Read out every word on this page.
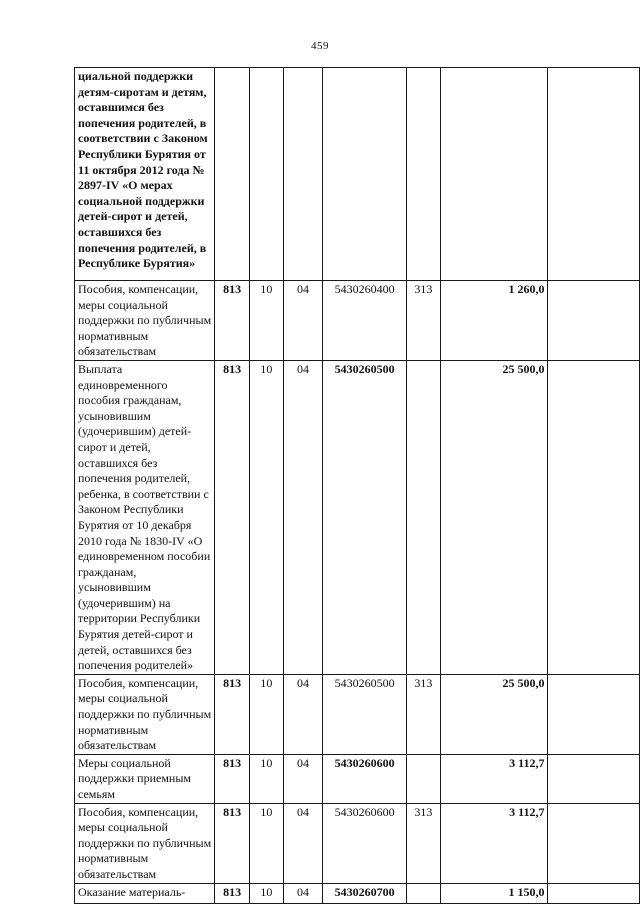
459
циальной поддержки детям-сиротам и детям, оставшимся без попечения родителей, в соответствии с Законом Республики Бурятия от 11 октября 2012 года № 2897-IV «О мерах социальной поддержки детей-сирот и детей, оставшихся без попечения родителей, в Республике Бурятия»							
Пособия, компенсации, меры социальной поддержки по публичным нормативным обязательствам	813	10	04	5430260400	313	1 260,0	
Выплата единовременного пособия гражданам, усыновившим (удочерившим) детей-сирот и детей, оставшихся без попечения родителей, ребенка, в соответствии с Законом Республики Бурятия от 10 декабря 2010 года № 1830-IV «О единовременном пособии гражданам, усыновившим (удочерившим) на территории Республики Бурятия детей-сирот и детей, оставшихся без попечения родителей»	813	10	04	5430260500		25 500,0	
Пособия, компенсации, меры социальной поддержки по публичным нормативным обязательствам	813	10	04	5430260500	313	25 500,0	
Меры социальной поддержки приемным семьям	813	10	04	5430260600		3 112,7	
Пособия, компенсации, меры социальной поддержки по публичным нормативным обязательствам	813	10	04	5430260600	313	3 112,7	
Оказание материаль-	813	10	04	5430260700		1 150,0	
